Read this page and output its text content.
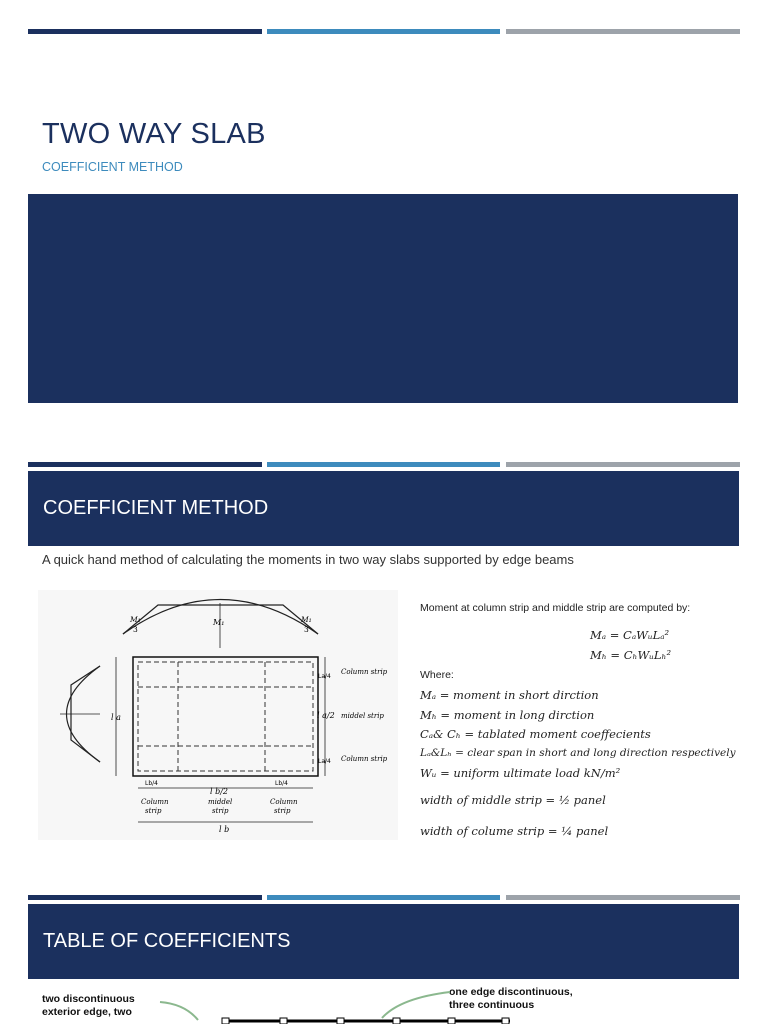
TWO WAY SLAB
COEFFICIENT METHOD
COEFFICIENT METHOD
A quick hand method of calculating the moments in two way slabs supported by edge beams
M₁
M₁
3
M₁
3
l a
La/4
Column strip
l a/2 middel strip
La/4 Column strip
Lb/4
l b/2
Lb/4
Column
strip
middel
strip
Column
strip
l b
Moment at column strip and middle strip are computed by:
Mₐ = CₐWᵤLₐ²
Mₕ = CₕWᵤLₕ²
Where:
Mₐ = moment in short dirction
Mₕ = moment in long dirction
Cₐ& Cₕ = tablated moment coeffecients
Lₐ&Lₕ = clear span in short and long direction respectively
Wᵤ = uniform ultimate load kN/m²
width of middle strip = ½ panel
width of colume strip = ¼ panel
TABLE OF COEFFICIENTS
two discontinuous exterior edge, two
one edge discontinuous,
three continuous
